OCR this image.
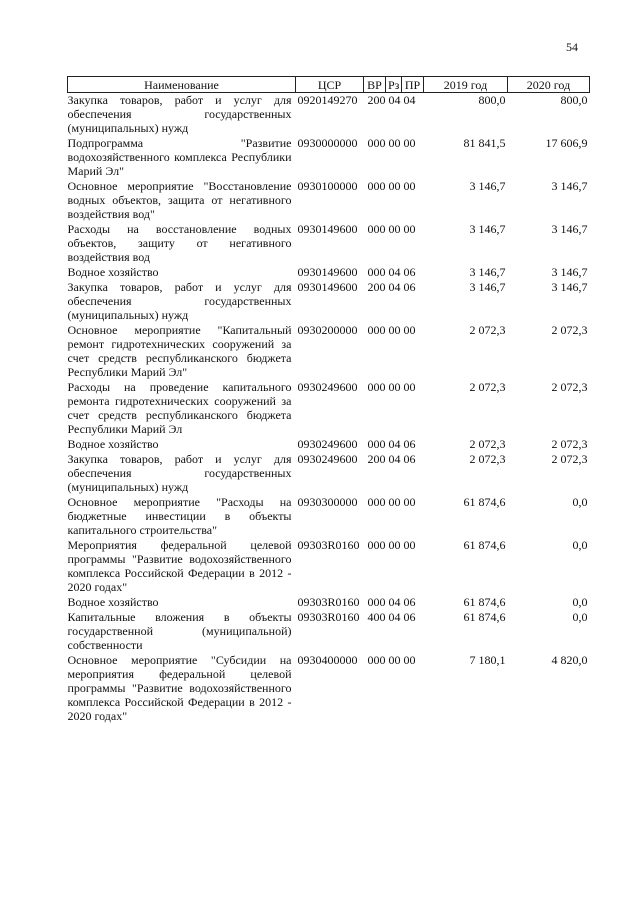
54
Наименование	ЦСР	ВР	Рз	ПР	2019 год	2020 год
Закупка товаров, работ и услуг для обеспечения государственных (муниципальных) нужд	0920149270	200 04 04			800,0	800,0
Подпрограмма "Развитие водохозяйственного комплекса Республики Марий Эл"	0930000000	000 00 00			81 841,5	17 606,9
Основное мероприятие "Восстановление водных объектов, защита от негативного воздействия вод"	0930100000	000 00 00			3 146,7	3 146,7
Расходы на восстановление водных объектов, защиту от негативного воздействия вод	0930149600	000 00 00			3 146,7	3 146,7
Водное хозяйство	0930149600	000 04 06			3 146,7	3 146,7
Закупка товаров, работ и услуг для обеспечения государственных (муниципальных) нужд	0930149600	200 04 06			3 146,7	3 146,7
Основное мероприятие "Капитальный ремонт гидротехнических сооружений за счет средств республиканского бюджета Республики Марий Эл"	0930200000	000 00 00			2 072,3	2 072,3
Расходы на проведение капитального ремонта гидротехнических сооружений за счет средств республиканского бюджета Республики Марий Эл	0930249600	000 00 00			2 072,3	2 072,3
Водное хозяйство	0930249600	000 04 06			2 072,3	2 072,3
Закупка товаров, работ и услуг для обеспечения государственных (муниципальных) нужд	0930249600	200 04 06			2 072,3	2 072,3
Основное мероприятие "Расходы на бюджетные инвестиции в объекты капитального строительства"	0930300000	000 00 00			61 874,6	0,0
Мероприятия федеральной целевой программы "Развитие водохозяйственного комплекса Российской Федерации в 2012 - 2020 годах"	09303R0160	000 00 00			61 874,6	0,0
Водное хозяйство	09303R0160	000 04 06			61 874,6	0,0
Капитальные вложения в объекты государственной (муниципальной) собственности	09303R0160	400 04 06			61 874,6	0,0
Основное мероприятие "Субсидии на мероприятия федеральной целевой программы "Развитие водохозяйственного комплекса Российской Федерации в 2012 - 2020 годах"	0930400000	000 00 00			7 180,1	4 820,0
